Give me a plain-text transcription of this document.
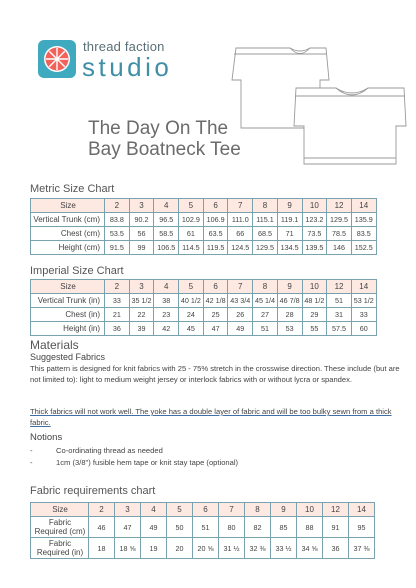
thread faction
studio
The Day On The
Bay Boatneck Tee
Metric Size Chart
Size	2	3	4	5	6	7	8	9	10	12	14
Vertical Trunk (cm)	83.8	90.2	96.5	102.9	106.9	111.0	115.1	119.1	123.2	129.5	135.9
Chest (cm)	53.5	56	58.5	61	63.5	66	68.5	71	73.5	78.5	83.5
Height (cm)	91.5	99	106.5	114.5	119.5	124.5	129.5	134.5	139.5	146	152.5
Imperial Size Chart
Size	2	3	4	5	6	7	8	9	10	12	14
Vertical Trunk (in)	33	35 1/2	38	40 1/2	42 1/8	43 3/4	45 1/4	46 7/8	48 1/2	51	53 1/2
Chest (in)	21	22	23	24	25	26	27	28	29	31	33
Height (in)	36	39	42	45	47	49	51	53	55	57.5	60
Materials
Suggested Fabrics
This pattern is designed for knit fabrics with 25 - 75% stretch in the crosswise direction. These include (but are not limited to): light to medium weight jersey or interlock fabrics with or without lycra or spandex.
Thick fabrics will not work well. The yoke has a double layer of fabric and will be too bulky sewn from a thick fabric.
Notions
-	Co-ordinating thread as needed
-	1cm (3/8") fusible hem tape or knit stay tape (optional)
Fabric requirements chart
Size	2	3	4	5	6	7	8	9	10	12	14

Fabric
Required (cm)	46	47	49	50	51	80	82	85	88	91	95

Fabric
Required (in)	18	18 ⅝	19	20	20 ⅝	31 ½	32 ⅜	33 ½	34 ⅝	36	37 ⅜
